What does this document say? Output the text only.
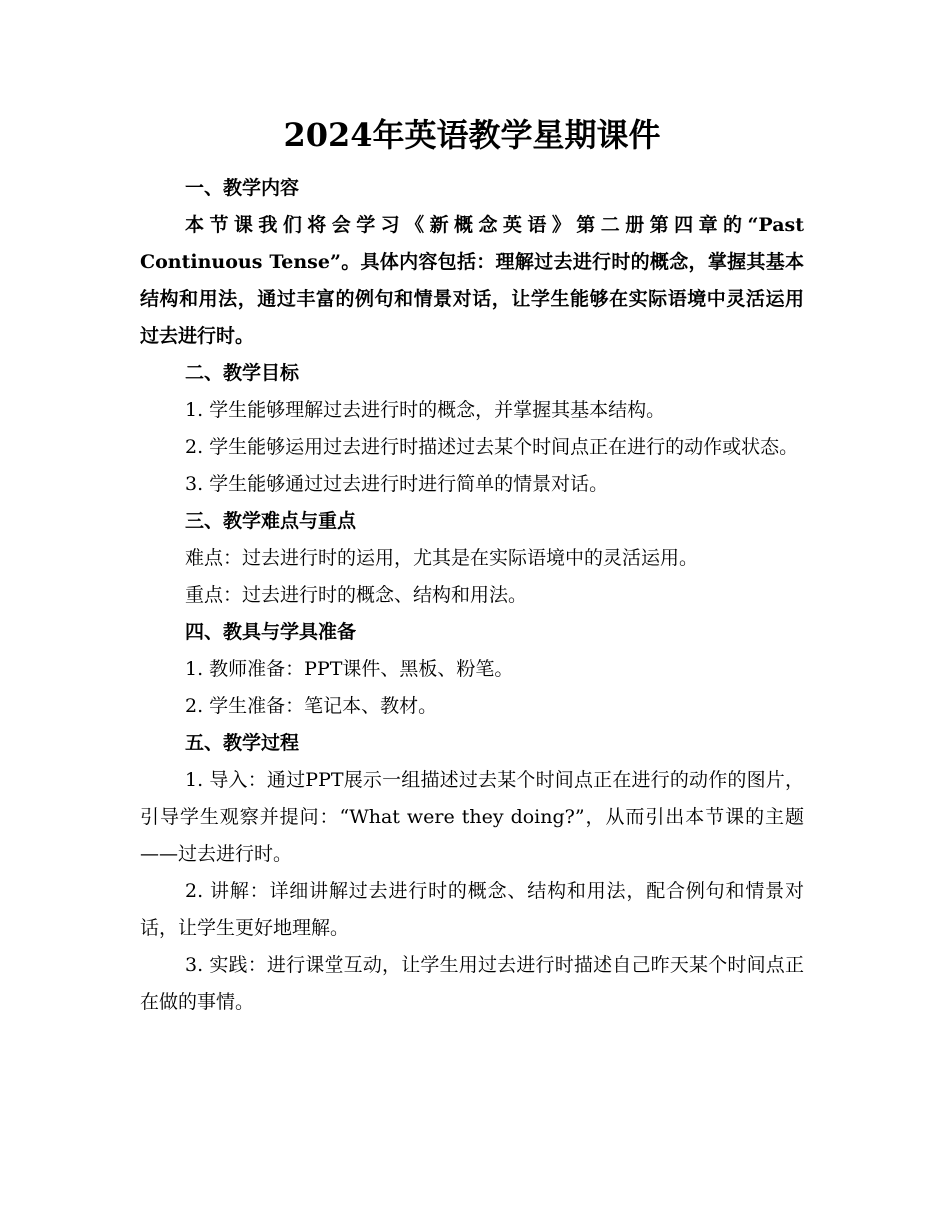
2024年英语教学星期课件

一、教学内容

本节课我们将会学习《新概念英语》第二册第四章的“Past Continuous Tense”。具体内容包括：理解过去进行时的概念，掌握其基本结构和用法，通过丰富的例句和情景对话，让学生能够在实际语境中灵活运用过去进行时。

二、教学目标

1. 学生能够理解过去进行时的概念，并掌握其基本结构。

2. 学生能够运用过去进行时描述过去某个时间点正在进行的动作或状态。

3. 学生能够通过过去进行时进行简单的情景对话。

三、教学难点与重点

难点：过去进行时的运用，尤其是在实际语境中的灵活运用。

重点：过去进行时的概念、结构和用法。

四、教具与学具准备

1. 教师准备：PPT课件、黑板、粉笔。

2. 学生准备：笔记本、教材。

五、教学过程

1. 导入：通过PPT展示一组描述过去某个时间点正在进行的动作的图片，引导学生观察并提问：“What were they doing?”，从而引出本节课的主题——过去进行时。

2. 讲解：详细讲解过去进行时的概念、结构和用法，配合例句和情景对话，让学生更好地理解。

3. 实践：进行课堂互动，让学生用过去进行时描述自己昨天某个时间点正在做的事情。
